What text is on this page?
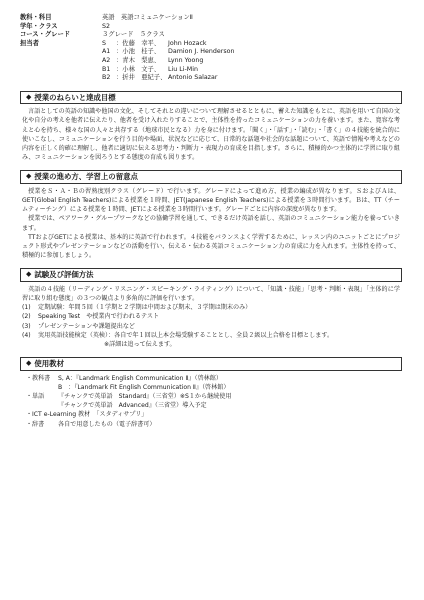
教科・科目	英語　英語コミュニケーションⅡ
学年・クラス	S2
コース・グレード	３グレード　５クラス
担当者	S	：佐藤　幸平、	John Hozack
A1 ：小池　桂子、	Damion J. Henderson
A2 ：青木　梨恵、	Lynn Yoong
B1 ：小林　文子、	Liu Li-Min
B2 ：折井　亜紀子、 Antonio Salazar
◆ 授業のねらいと達成目標
言語としての英語の知識や他国の文化、そしてそれとの違いについて理解させるとともに、蓄えた知識をもとに、英語を用いて自国の文化や自分の考えを他者に伝えたり、他者を受け入れたりすることで、主体性を持ったコミュニケーションの力を養います。また、寛容な考えと心を持ち、様々な国の人々と共存する（地球市民となる）力を身に付けます。「聞く」・「話す」・「読む」・「書く」の４技能を統合的に使いこなし、コミュニケーションを行う目的や場面、状況などに応じて、日常的な話題や社会的な話題について、英語で情報や考えなどの内容を正しく的確に理解し、他者に適切に伝える思考力・判断力・表現力の育成を目指します。さらに、積極的かつ主体的に学習に取り組み、コミュニケーションを図ろうとする態度の育成も図ります。
◆ 授業の進め方、学習上の留意点
授業をＳ・Ａ・Ｂの習熟度別クラス（グレード）で行います。グレードによって進め方、授業の編成が異なります。ＳおよびＡは、GET(Global English Teachers)による授業を１時間、JET(Japanese English Teachers)による授業を３時間行います。Ｂは、TT（チームティーチング）による授業を１時間、JETによる授業を３時間行います。グレードごとに内容の深度が異なります。
授業では、ペアワーク・グループワークなどの協働学習を通して、できるだけ英語を話し、英語のコミュニケーション能力を養っていきます。
TTおよびGETによる授業は、基本的に英語で行われます。４技能をバランスよく学習するために、レッスン内のユニットごとにプロジェクト形式やプレゼンテーションなどの活動を行い、伝える・伝わる英語コミュニケーション力の育成に力を入れます。主体性を持って、積極的に参加しましょう。
◆ 試験及び評価方法
英語の４技能（リーディング・リスニング・スピーキング・ライティング）について、「知識・技能」「思考・判断・表現」「主体的に学習に取り組む態度」の３つの観点より多角的に評価を行います。
(1)	定期試験：年間５回（１学期と２学期は中間および期末、３学期は期末のみ）
(2)	Speaking Test　や授業内で行われるテスト
(3)	プレゼンテーションや課題提出など
(4)	実用英語技能検定（英検）：各自で年１回以上本会場受験することとし、全員２級以上合格を目標とします。
※詳細は追って伝えます。
◆ 使用教材
・ 教科書	S, A：『Landmark English Communication Ⅱ』（啓林館）
B　：『Landmark Fit English Communication Ⅱ』（啓林館）
・ 単語	『チャンクで英単語　Standard』（三省堂）※S１から継続使用
『チャンクで英単語　Advanced』（三省堂）導入予定
・ ICT e-Learning 教材　 「スタディサプリ」
・ 辞書	各自で用意したもの（電子辞書可）
